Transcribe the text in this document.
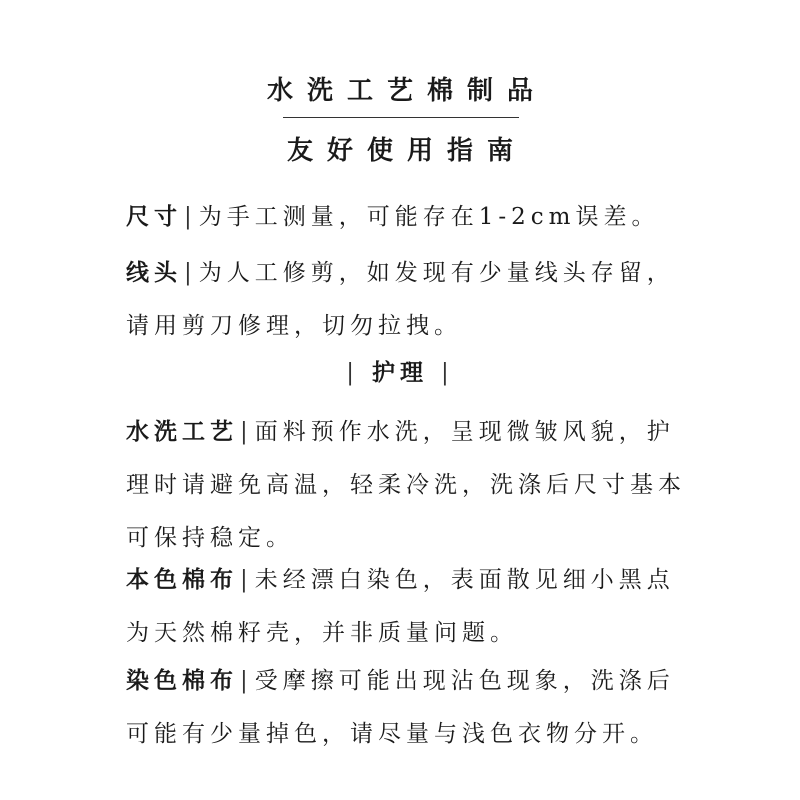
水洗工艺棉制品
友好使用指南
尺寸|为手工测量，可能存在1-2cm误差。
线头|为人工修剪，如发现有少量线头存留，
请用剪刀修理，切勿拉拽。
| 护理 |
水洗工艺|面料预作水洗，呈现微皱风貌，护
理时请避免高温，轻柔冷洗，洗涤后尺寸基本
可保持稳定。
本色棉布|未经漂白染色，表面散见细小黑点
为天然棉籽壳，并非质量问题。
染色棉布|受摩擦可能出现沾色现象，洗涤后
可能有少量掉色，请尽量与浅色衣物分开。
